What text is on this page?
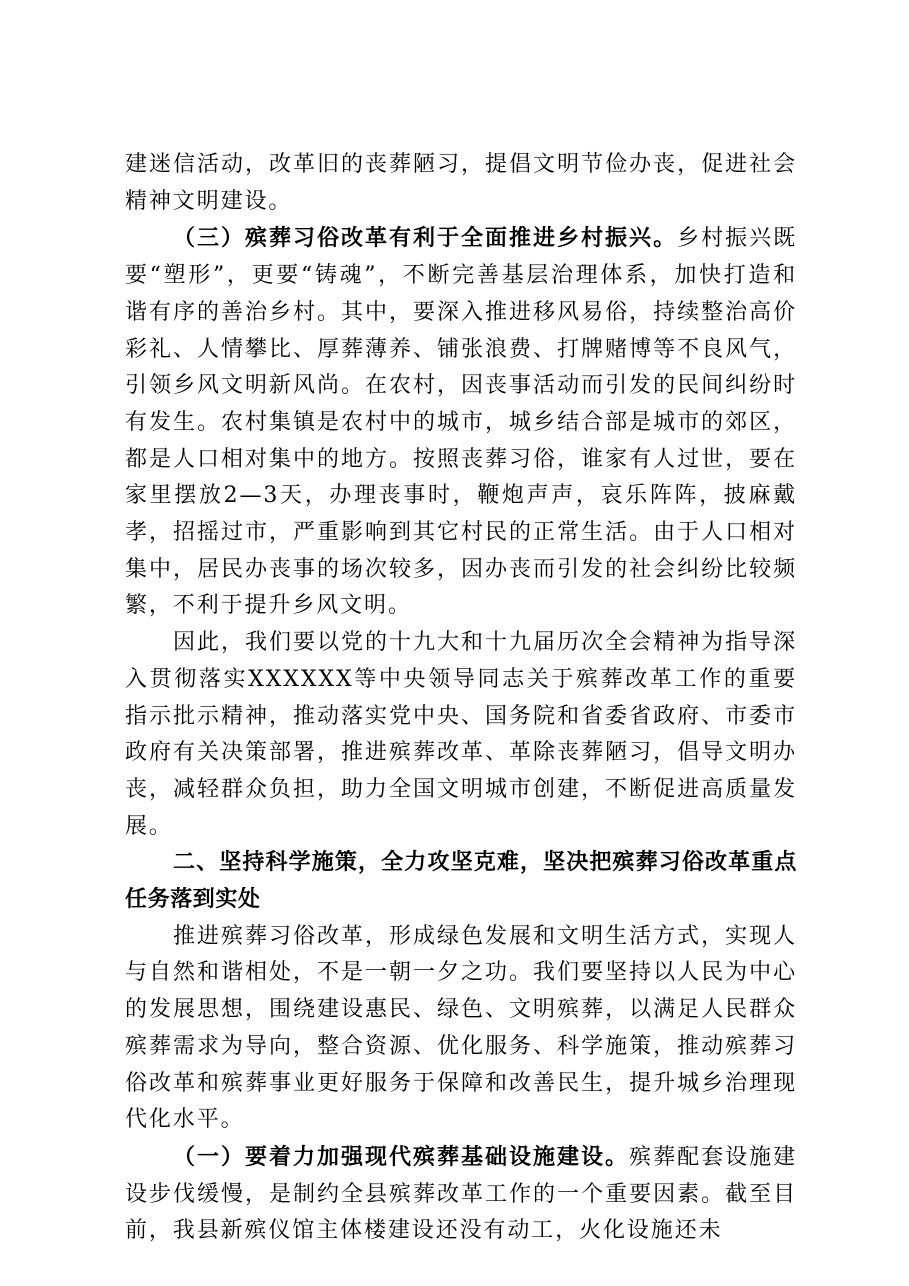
建迷信活动，改革旧的丧葬陋习，提倡文明节俭办丧，促进社会精神文明建设。

（三）殡葬习俗改革有利于全面推进乡村振兴。乡村振兴既要“塑形”，更要“铸魂”，不断完善基层治理体系，加快打造和谐有序的善治乡村。其中，要深入推进移风易俗，持续整治高价彩礼、人情攀比、厚葬薄养、铺张浪费、打牌赌博等不良风气，引领乡风文明新风尚。在农村，因丧事活动而引发的民间纠纷时有发生。农村集镇是农村中的城市，城乡结合部是城市的郊区，都是人口相对集中的地方。按照丧葬习俗，谁家有人过世，要在家里摆放2—3天，办理丧事时，鞭炮声声，哀乐阵阵，披麻戴孝，招摇过市，严重影响到其它村民的正常生活。由于人口相对集中，居民办丧事的场次较多，因办丧而引发的社会纠纷比较频繁，不利于提升乡风文明。

因此，我们要以党的十九大和十九届历次全会精神为指导深入贯彻落实XXXXXX等中央领导同志关于殡葬改革工作的重要指示批示精神，推动落实党中央、国务院和省委省政府、市委市政府有关决策部署，推进殡葬改革、革除丧葬陋习，倡导文明办丧，减轻群众负担，助力全国文明城市创建，不断促进高质量发展。

二、坚持科学施策，全力攻坚克难，坚决把殡葬习俗改革重点任务落到实处

推进殡葬习俗改革，形成绿色发展和文明生活方式，实现人与自然和谐相处，不是一朝一夕之功。我们要坚持以人民为中心的发展思想，围绕建设惠民、绿色、文明殡葬，以满足人民群众殡葬需求为导向，整合资源、优化服务、科学施策，推动殡葬习俗改革和殡葬事业更好服务于保障和改善民生，提升城乡治理现代化水平。

（一）要着力加强现代殡葬基础设施建设。殡葬配套设施建设步伐缓慢，是制约全县殡葬改革工作的一个重要因素。截至目前，我县新殡仪馆主体楼建设还没有动工，火化设施还未
